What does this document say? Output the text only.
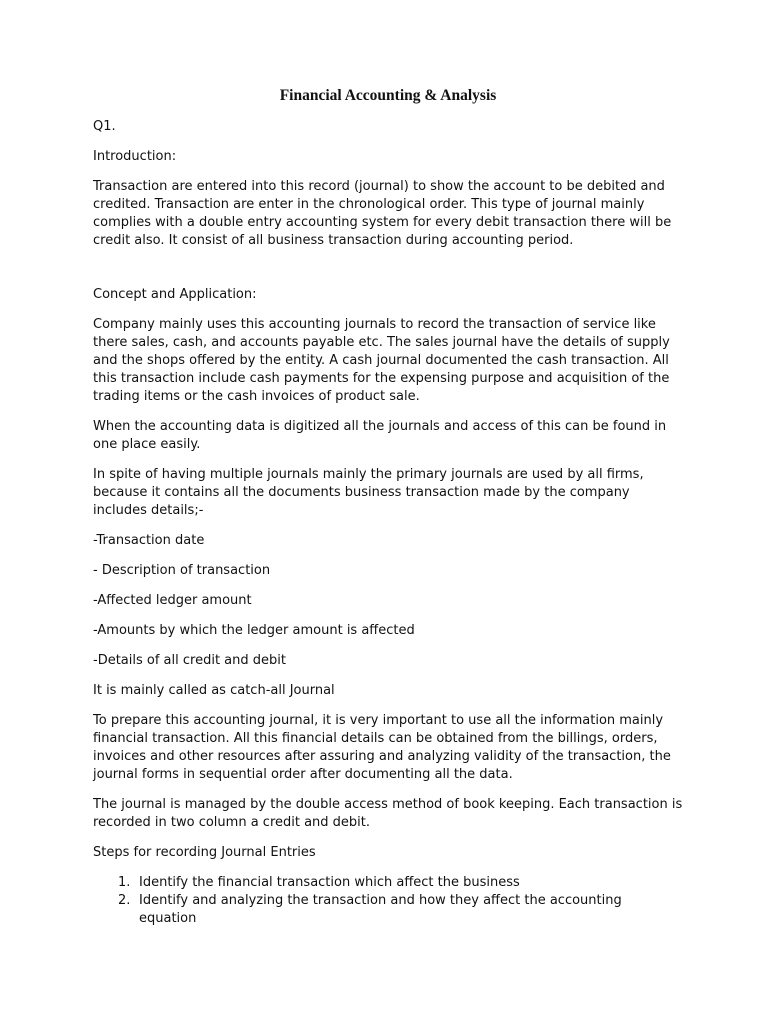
Financial Accounting & Analysis

Q1.

Introduction:

Transaction are entered into this record (journal) to show the account to be debited and credited. Transaction are enter in the chronological order. This type of journal mainly complies with a double entry accounting system for every debit transaction there will be credit also. It consist of all business transaction during accounting period.

Concept and Application:

Company mainly uses this accounting journals to record the transaction of service like there sales, cash, and accounts payable etc. The sales journal have the details of supply and the shops offered by the entity. A cash journal documented the cash transaction. All this transaction include cash payments for the expensing purpose and acquisition of the trading items or the cash invoices of product sale.

When the accounting data is digitized all the journals and access of this can be found in one place easily.

In spite of having multiple journals mainly the primary journals are used by all firms, because it contains all the documents business transaction made by the company includes details;-

-Transaction date

- Description of transaction

-Affected ledger amount

-Amounts by which the ledger amount is affected

-Details of all credit and debit

It is mainly called as catch-all Journal

To prepare this accounting journal, it is very important to use all the information mainly financial transaction. All this financial details can be obtained from the billings, orders, invoices and other resources after assuring and analyzing validity of the transaction, the journal forms in sequential order after documenting all the data.

The journal is managed by the double access method of book keeping. Each transaction is recorded in two column a credit and debit.

Steps for recording Journal Entries

1. Identify the financial transaction which affect the business
2. Identify and analyzing the transaction and how they affect the accounting equation
